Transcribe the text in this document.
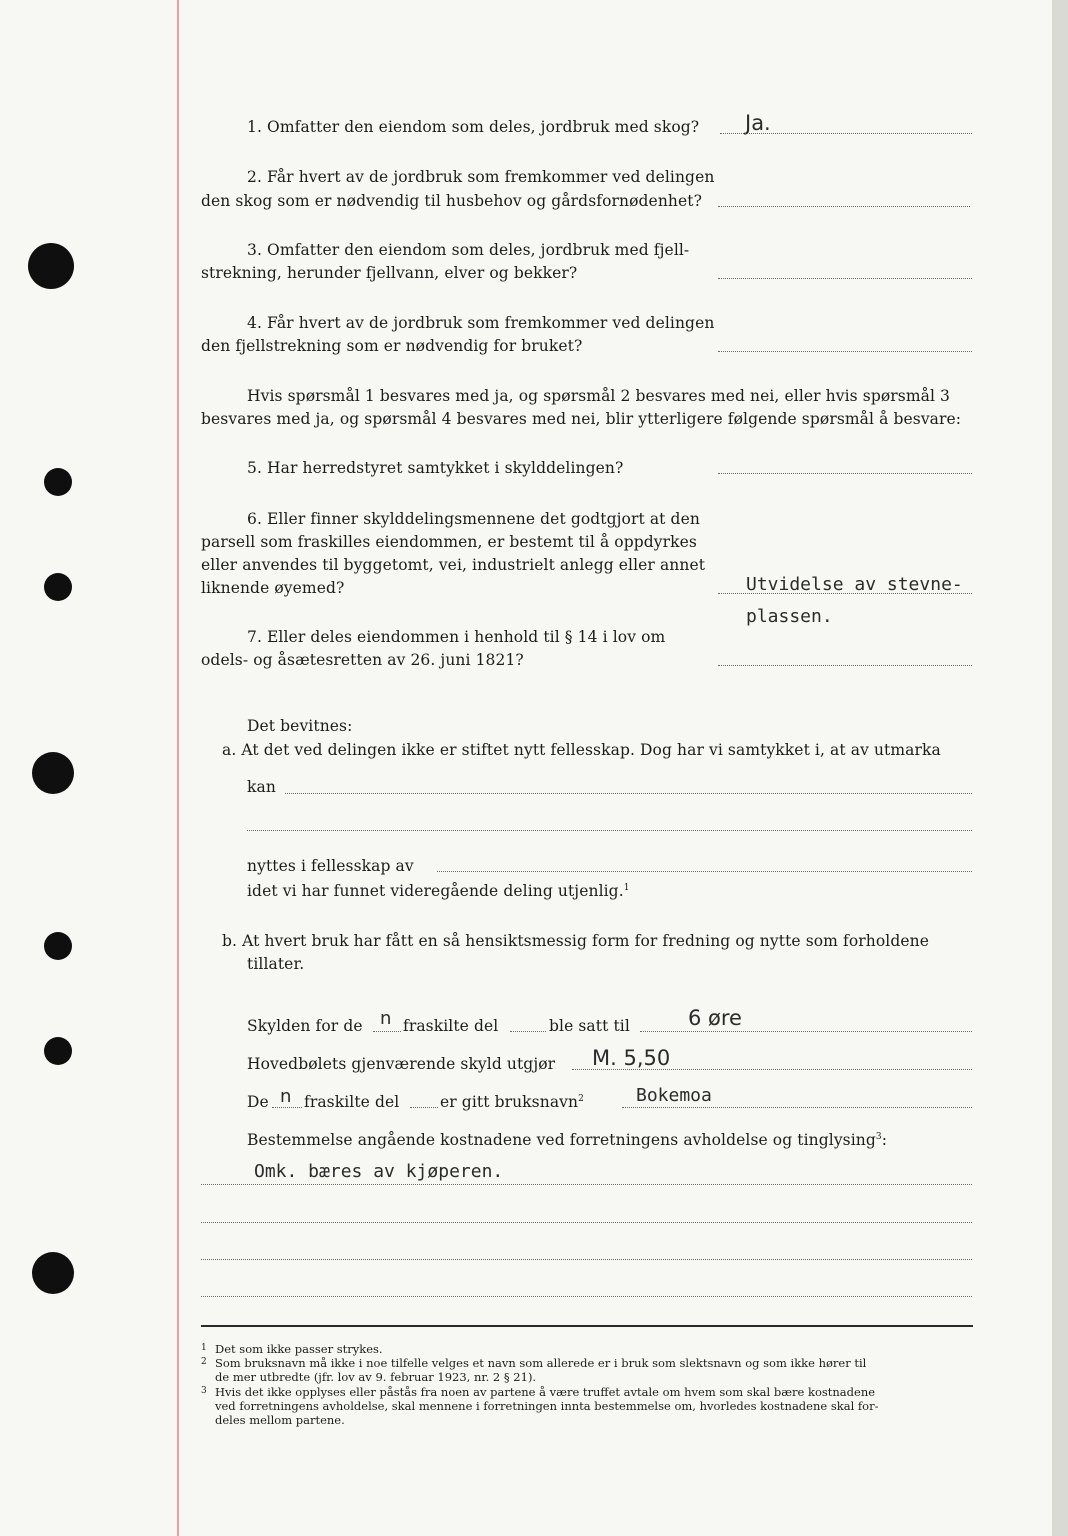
1. Omfatter den eiendom som deles, jordbruk med skog? Ja.
2. Får hvert av de jordbruk som fremkommer ved delingen
den skog som er nødvendig til husbehov og gårdsfornødenhet?
3. Omfatter den eiendom som deles, jordbruk med fjell-
strekning, herunder fjellvann, elver og bekker?
4. Får hvert av de jordbruk som fremkommer ved delingen
den fjellstrekning som er nødvendig for bruket?
Hvis spørsmål 1 besvares med ja, og spørsmål 2 besvares med nei, eller hvis spørsmål 3
besvares med ja, og spørsmål 4 besvares med nei, blir ytterligere følgende spørsmål å besvare:
5. Har herredstyret samtykket i skylddelingen?
6. Eller finner skylddelingsmennene det godtgjort at den
parsell som fraskilles eiendommen, er bestemt til å oppdyrkes
eller anvendes til byggetomt, vei, industrielt anlegg eller annet
liknende øyemed?	Utvidelse av stevne-
plassen.
7. Eller deles eiendommen i henhold til § 14 i lov om
odels- og åsætesretten av 26. juni 1821?
Det bevitnes:
a. At det ved delingen ikke er stiftet nytt fellesskap. Dog har vi samtykket i, at av utmarka
kan
nyttes i fellesskap av
idet vi har funnet videregående deling utjenlig.$^1$
b. At hvert bruk har fått en så hensiktsmessig form for fredning og nytte som forholdene
tillater.
Skylden for de n fraskilte del	ble satt til	6 øre
Hovedbølets gjenværende skyld utgjør M. 5,50
De n fraskilte del	er gitt bruksnavn$^2$	Bokemoa
Bestemmelse angående kostnadene ved forretningens avholdelse og tinglysing$^3$:
Omk. bæres av kjøperen.
1 Det som ikke passer strykes.
2 Som bruksnavn må ikke i noe tilfelle velges et navn som allerede er i bruk som slektsnavn og som ikke hører til
de mer utbredte (jfr. lov av 9. februar 1923, nr. 2 § 21).
3 Hvis det ikke opplyses eller påstås fra noen av partene å være truffet avtale om hvem som skal bære kostnadene
ved forretningens avholdelse, skal mennene i forretningen innta bestemmelse om, hvorledes kostnadene skal for-
deles mellom partene.
